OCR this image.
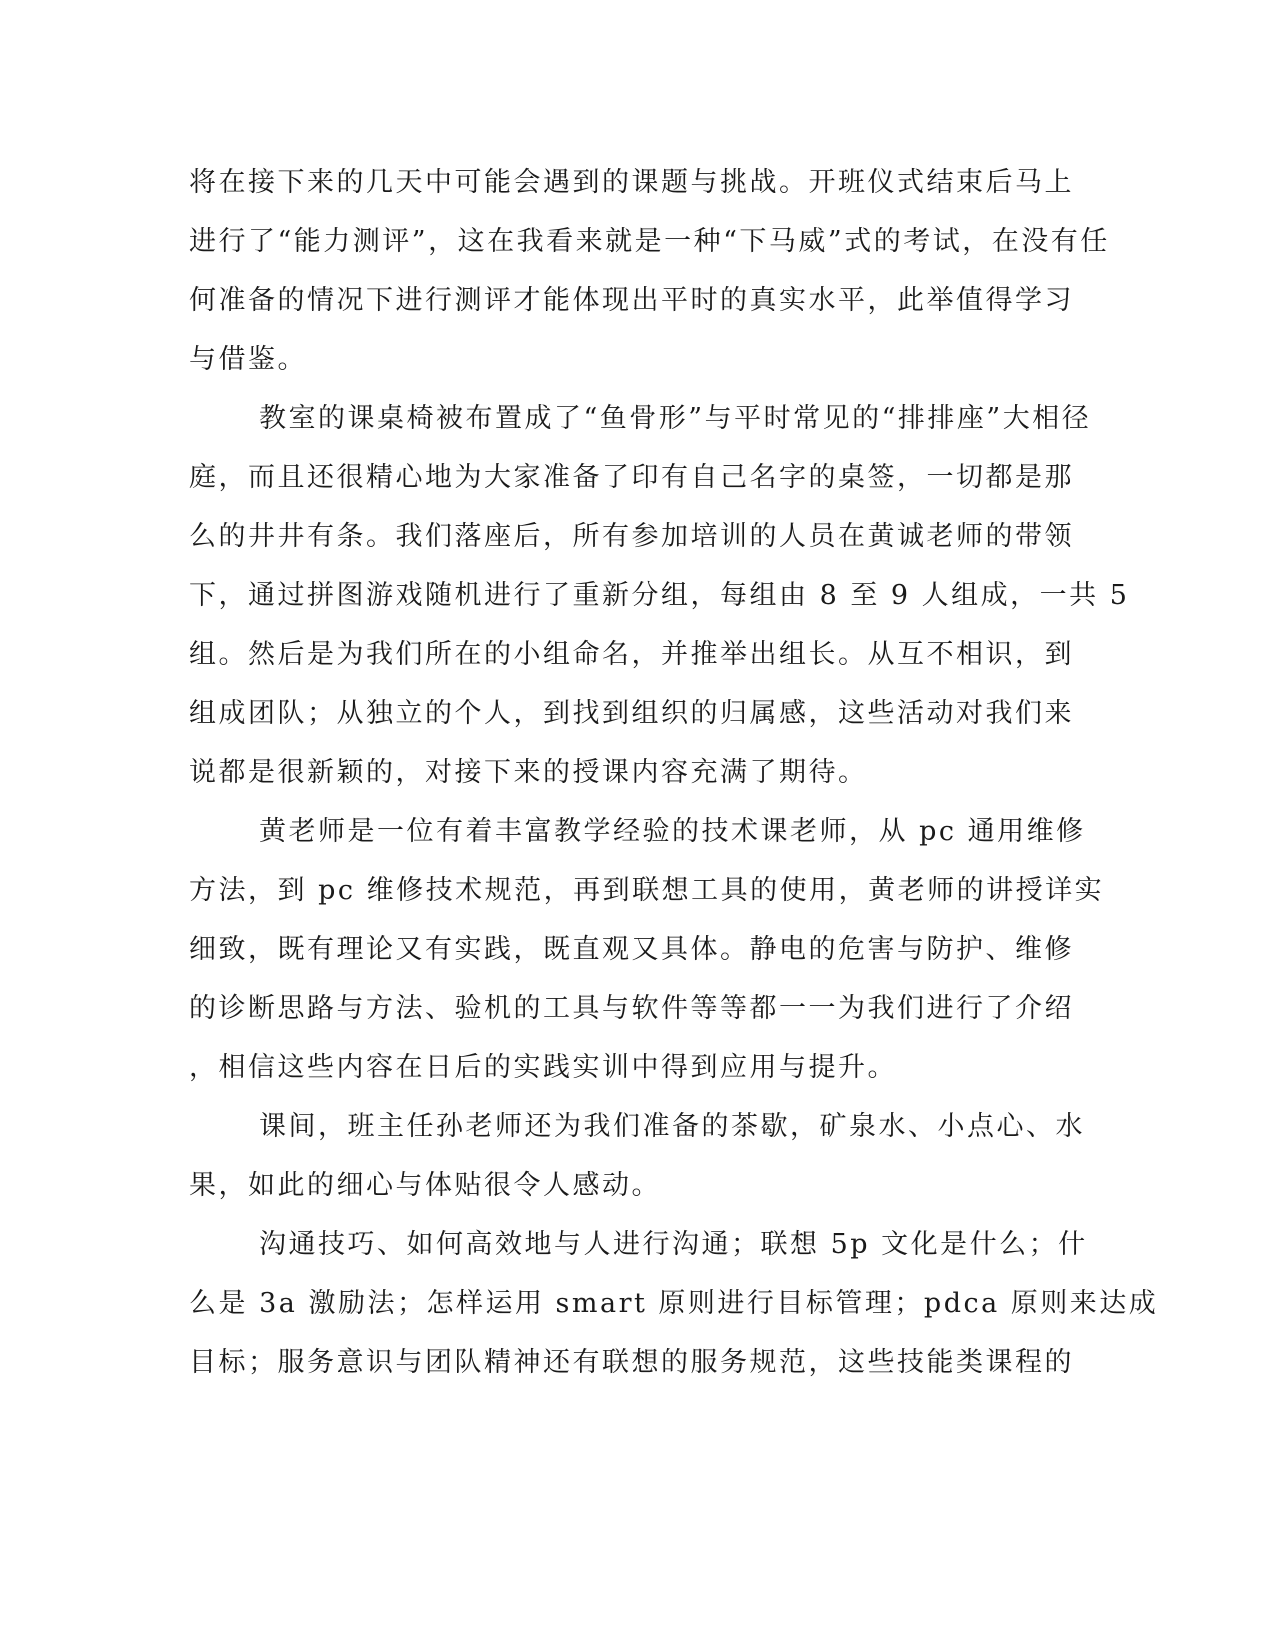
将在接下来的几天中可能会遇到的课题与挑战。开班仪式结束后马上
进行了“能力测评”，这在我看来就是一种“下马威”式的考试，在没有任
何准备的情况下进行测评才能体现出平时的真实水平，此举值得学习
与借鉴。
教室的课桌椅被布置成了“鱼骨形”与平时常见的“排排座”大相径
庭，而且还很精心地为大家准备了印有自己名字的桌签，一切都是那
么的井井有条。我们落座后，所有参加培训的人员在黄诚老师的带领
下，通过拼图游戏随机进行了重新分组，每组由 8 至 9 人组成，一共 5
组。然后是为我们所在的小组命名，并推举出组长。从互不相识，到
组成团队；从独立的个人，到找到组织的归属感，这些活动对我们来
说都是很新颖的，对接下来的授课内容充满了期待。
黄老师是一位有着丰富教学经验的技术课老师，从 pc 通用维修
方法，到 pc 维修技术规范，再到联想工具的使用，黄老师的讲授详实
细致，既有理论又有实践，既直观又具体。静电的危害与防护、维修
的诊断思路与方法、验机的工具与软件等等都一一为我们进行了介绍
，相信这些内容在日后的实践实训中得到应用与提升。
课间，班主任孙老师还为我们准备的茶歇，矿泉水、小点心、水
果，如此的细心与体贴很令人感动。
沟通技巧、如何高效地与人进行沟通；联想 5p 文化是什么；什
么是 3a 激励法；怎样运用 smart 原则进行目标管理；pdca 原则来达成
目标；服务意识与团队精神还有联想的服务规范，这些技能类课程的
